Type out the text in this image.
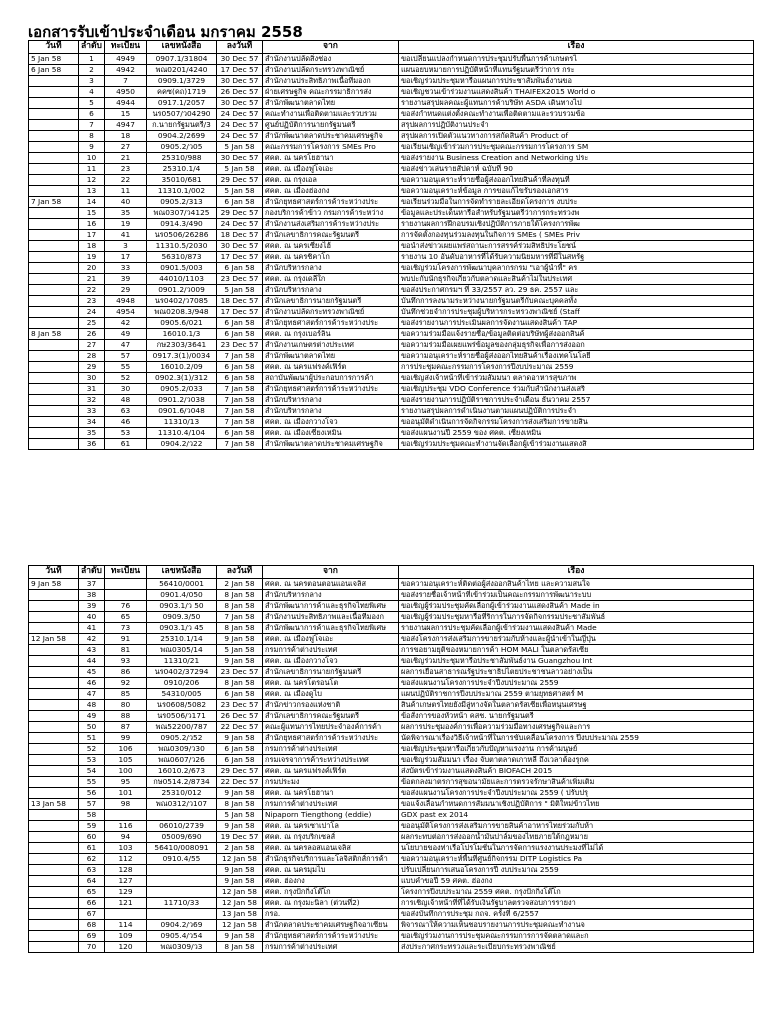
เอกสารรับเข้าประจำเดือน มกราคม 2558
วันที่	ลำดับ	ทะเบียน	เลขหนังสือ	ลงวันที่	จาก	เรื่อง
5 Jan 58	1	4949	0907.1/31804	30 Dec 57	สำนักงานปลัดสิ่งช่อง	ขอเปลี่ยนแปลงกำหนดการประชุมปรับพื้นการค้าเกษตรไ
6 Jan 58	2	4942	พณ0201/4240	17 Dec 57	สำนักงานปลัดกระทรวงพาณิชย์	แผนอยบหมายการปฏิบัติหน้าที่แทนรัฐมนตรีว่าการ กระ
	3	7	0909.1/3729	30 Dec 57	สำนักงานประสิทธิภาพเนื้อทีมองก	ขอเชิญร่วมประชุมหารือแผนการประชาสัมพันธ์งานขอ
	4	4950	คคซ(คถ)1719	26 Dec 57	ฝ่ายเศรษฐกิจ คณะกรรมาธิการส่ง	ขอเชิญชวนเข้าร่วมงานแสดงสินค้า THAIFEX2015 World o
	5	4944	0917.1/2057	30 Dec 57	สำนักพัฒนาตลาดไทย	รายงานสรุปผลคณะผู้แทนการค้าบริษัท ASDA เดินทางไป
	6	15	นร0507/ว04290	24 Dec 57	คณะทำงานเพื่อติดตามและรวบรวม	ขอส่งกำหนดแต่งตั้งคณะทำงานเพื่อติดตามและรวบรวมข้อ
	7	4947	ก.นายกรัฐมนตรี/3	24 Dec 57	ศูนย์ปฏิบัติการนายกรัฐมนตรี	สรุปผลการปฏิบัติงานประจำ
	8	18	0904.2/2699	24 Dec 57	สำนักพัฒนาตลาดประชาคมเศรษฐกิจ	สรุปผลการเปิดตัวแนวทางการสกัดสินค้า Product of
	9	27	0905.2/ว05	5 Jan 58	คณะกรรมการโครงการ SMEs Pro	ขอเรียนเชิญเข้าร่วมการประชุมคณะกรรมการโครงการ SM
	10	21	25310/988	30 Dec 57	ศคต. ณ นครโยฮานา	ขอส่งรายงาน Business Creation and Networking ประ
	11	23	25310.1/4	5 Jan 58	ศคต. ณ เมืองฟูโจเอะ	ขอส่งข่าวเล่นรายสัปดาห์ ฉบับที่ 90
	12	22	35010/681	29 Dec 57	ศคต. ณ กรุงเอล	ขอความอนุเคราะห์รายชื่อผู้ส่งออกไทยสินค้าที่ลงทุนที่
	13	11	11310.1/002	5 Jan 58	ศคต. ณ เมืองฮ่องกง	ขอความอนุเคราะห์ข้อมูล การขอแก้ไขรับรองเอกสาร
7 Jan 58	14	40	0905.2/313	6 Jan 58	สำนักยุทธศาสตร์การค้าระหว่างประ	ขอเรียนร่วมมือในการจัดทำรายละเอียดโครงการ งบประ
	15	35	พณ0307/ว4125	29 Dec 57	กองบริการค้าข้าว กรมการค้าระหว่าง	ข้อมูลและประเด็นหารือสำหรับรัฐมนตรีว่าการกระทรวงพ
	16	19	0914.3/490	24 Dec 57	สำนักงานส่งเสริมการค้าระหว่างประ	รายงานผลการฝึกอบรมเชิงปฏิบัติการภายใต้โครงการพัฒ
	17	41	นร0506/26286	18 Dec 57	สำนักเลขาธิการคณะรัฐมนตรี	การจัดตั้งกองทุนร่วมลงทุนในกิจการ SMEs ( SMEs Priv
	18	3	11310.5/2030	30 Dec 57	ศคต. ณ นครเซี่ยงไฮ้	ขอนำส่งข่าวเผยแพร่สถานะการสรรค์ร่วมสิทธิประโยชน์
	19	17	56310/873	17 Dec 57	ศคต. ณ นครชิคาโก	รายงาน 10 อันดับอาหารที่ได้รับความนิยมหารที่มีในสหรัฐ
	20	33	0901.5/003	6 Jan 58	สำนักบริหารกลาง	ขอเชิญร่วมโครงการพัฒนาบุคลากรกรม "เอาผู้นำพื้" คร
	21	39	44010/1103	23 Dec 57	ศคต. ณ กรุงเดลีใก	พบปะกับนักธุรกิจเกี่ยวกับตลาดและสินค้าไม่ในประเทศ
	22	29	0901.2/ว009	5 Jan 58	สำนักบริหารกลาง	ขอส่งประกาศกรมฯ ที่ 33/2557 ลว. 29 ธค. 2557 และ
	23	4948	นร0402/ว7085	18 Dec 57	สำนักเลขาธิการนายกรัฐมนตรี	บันทึกการลงนามระหว่างนายกรัฐมนตรีกับคณะบุคคลทั้ง
	24	4954	พณ0208.3/948	17 Dec 57	สำนักงานปลัดกระทรวงพาณิชย์	บันทึกช่วยจำการประชุมผู้บริหารกระทรวงพาณิชย์ (Staff
	25	42	0905.6/021	6 Jan 58	สำนักยุทธศาสตร์การค้าระหว่างประ	ขอส่งรายงานการประเมินผลการจัดงานแสดงสินค้า TAP
8 Jan 58	26	49	16010.1/3	6 Jan 58	ศคต. ณ กรุงเบอร์ลิน	ขอความร่วมมือแจ้งรายชื่อ/ข้อมูลติดต่อบริษัทผู้ส่งออกสินค้
	27	47	กษ2303/3641	23 Dec 57	สำนักงานเกษตรต่างประเทศ	ขอความร่วมมือเผยแพร่ข้อมูลของกลุ่มธุรกิจเพื่อการส่งออก
	28	57	0917.3(1)/0034	7 Jan 58	สำนักพัฒนาตลาดไทย	ขอความอนุเคราะห์รายชื่อผู้ส่งออกไทยสินค้าเรื่องเทคโนโลยี
	29	55	16010.2/09	6 Jan 58	ศคต. ณ นครแฟรงค์เฟิร์ต	การประชุมคณะกรรมการโครงการปีงบประมาณ 2559
	30	52	0902.3(1)/312	6 Jan 58	สถาบันพัฒนาผู้ประกอบการการค้า	ขอเชิญส่งเจ้าหน้าที่เข้าร่วมสัมมนา ตลาดอาหารสุขภาพ
	31	30	0905.2/033	7 Jan 58	สำนักยุทธศาสตร์การค้าระหว่างประ	ขอเชิญประชุม VDO Conference ร่วมกับสำนักงานส่งเสริ
	32	48	0901.2/ว038	7 Jan 58	สำนักบริหารกลาง	ขอส่งรายงานการปฏิบัติราชการประจำเดือน ธันวาคม 2557
	33	63	0901.6/ว048	7 Jan 58	สำนักบริหารกลาง	รายงานสรุปผลการดำเนินงานตามแผนปฏิบัติการประจำ
	34	46	11310/13	7 Jan 58	ศคต. ณ เมืองกวางโจว	ขออนุมัติดำเนินการจัดกิจกรรมโครงการส่งเสริมการขายสิน
	35	53	11310.4/104	6 Jan 58	ศคต. ณ เมืองเซี่ยงเหมิน	ขอส่งแผนงานปี 2559 ของ ศคต. เซี่ยงเหมิน
	36	61	0904.2/ว22	7 Jan 58	สำนักพัฒนาตลาดประชาคมเศรษฐกิจ	ขอเชิญร่วมประชุมคณะทำงานจัดเลือกผู้เข้าร่วมงานแสดงสิ
วันที่	ลำดับ	ทะเบียน	เลขหนังสือ	ลงวันที่	จาก	เรื่อง
9 Jan 58	37		56410/0001	2 Jan 58	ศคต. ณ นครตอนตอนแอนเจลิส	ขอความอนุเคราะห์ติดต่อผู้ส่งออกสินค้าไทย และความสนใจ
	38		0901.4/050	8 Jan 58	สำนักบริหารกลาง	ขอส่งรายชื่อเจ้าหน้าที่เข้าร่วมเป็นคณะกรรมการพัฒนาระบบ
	39	76	0903.1/ว 50	8 Jan 58	สำนักพัฒนาการค้าและธุรกิจไทยพิเศษ	ขอเชิญผู้ร่วมประชุมคัดเลือกผู้เข้าร่วมงานแสดงสินค้า Made in
	40	65	0909.3/50	7 Jan 58	สำนักงานประสิทธิภาพและเนื้อทีมองก	ขอเชิญผู้ร่วมประชุมหารือที่ริการในการจัดกิจกรรมประชาสัมพันธ์
	41	73	0903.1/ว 45	8 Jan 58	สำนักพัฒนาการค้าและธุรกิจไทยพิเศษ	รายงานผลการประชุมคัดเลือกผู้เข้าร่วมงานแสดงสินค้า Made
12 Jan 58	42	91	25310.1/14	9 Jan 58	ศคต. ณ เมืองฟูโจเอะ	ขอส่งโครงการส่งเสริมการขายร่วมกับห้างและผู้นำเข้าในญี่ปุ่น
	43	81	พณ0305/14	5 Jan 58	กรมการค้าต่างประเทศ	การขอยามยุติของหมายการค้า HOM MALI ในตลาดรัสเซีย
	44	93	11310/21	9 Jan 58	ศคต. ณ เมืองกวางโจว	ขอเชิญร่วมประชุมหารือประชาสัมพันธ์งาน Guangzhou Int
	45	86	นร0402/37294	23 Dec 57	สำนักเลขาธิการนายกรัฐมนตรี	ผลการเยือนสาธารณรัฐประชาธิปไตยประชาชนลาวอย่างเป็น
	46	92	0910/206	8 Jan 58	ศคต. ณ นครโตรอนโต	ขอส่งแผนงานโครงการประจำปีงบประมาณ 2559
	47	85	54310/005	6 Jan 58	ศคต. ณ เมืองดูไบ	แผนปฏิบัติราชการปีงบประมาณ 2559 ตามยุทธศาสตร์ M
	48	80	นร0608/5082	23 Dec 57	สำนักข่าวกรองแห่งชาติ	สินค้าเกษตรไทยยังมีลู่ทางจัดในตลาดรัสเซียเพื่อหนุนเศรษฐ
	49	88	นร0506/ว171	26 Dec 57	สำนักเลขาธิการคณะรัฐมนตรี	ข้อสั่งการของหัวหน้า คสช. นายกรัฐมนตรี
	50	87	พณ52200/787	22 Dec 57	คณะผู้แทนการไทยประจำองค์การค้า	ผลการประชุมองค์การเพื่อความร่วมมือทางเศรษฐกิจและการ
	51	99	0905.2/ว52	9 Jan 58	สำนักยุทธศาสตร์การค้าระหว่างประ	นัดพิจารณาเรื่องวิธีเจ้าหน้าที่ในการขับเคลื่อนโครงการ ปีงบประมาณ 2559
	52	106	พณ0309/ว30	6 Jan 58	กรมการค้าต่างประเทศ	ขอเชิญประชุมหารือเกี่ยวกับปัญหาแรงงาน การค้ามนุษย์
	53	105	พณ0607/ว26	6 Jan 58	กรมเจรจาการค้าระหว่างประเทศ	ขอเชิญร่วมสัมมนา เรื่อง จับตาตลาดเกาหลี ถึงเวลาต้องรุกค
	54	100	16010.2/673	29 Dec 57	ศคต. ณ นครแฟรงค์เฟิร์ต	ส่งบัตรเข้าร่วมงานแสดงสินค้า BIOFACH 2015
	55	95	กษ0514.2/8734	22 Dec 57	กรมประมง	ข้อตกลงมาตรการสุขอนามัยและการตรวจรักษาสินค้าเพิ่มเติม
	56	101	25310/012	9 Jan 58	ศคต. ณ นครโยฮานา	ขอส่งแผนงานโครงการประจำปีงบประมาณ 2559 ( ปรับปรุ
13 Jan 58	57	98	พณ0312/ว107	8 Jan 58	กรมการค้าต่างประเทศ	ขอแจ้งเลื่อนกำหนดการสัมมนาเชิงปฏิบัติการ " มิติใหม่ข้าวไทย
	58			5 Jan 58	Nipaporn Tiengthong (eddie)	GDX past ex 2014
	59	116	06010/2739	9 Jan 58	ศคต. ณ นครเซาเปาโล	ขออนุมัติโครงการส่งเสริมการขายสินค้าอาหารไทยร่วมกับห้า
	60	94	05009/690	19 Dec 57	ศคต. ณ กรุงบริกเซลส์	ผลกระทบต่อการส่งออกน้ำมันปาล์มของไทยภายใต้กฎหมาย
	61	103	56410/008091	2 Jan 58	ศคต. ณ นครลอสแอนเจลิส	นโยบายของท่าเรือโปรโมชั่นในการจัดการแรงงานประมงที่ไม่ได้
	62	112	0910.4/55	12 Jan 58	สำนักธุรกิจบริการและโลจิสติกส์การค้า	ขอความอนุเคราะห์พื้นที่ศูนย์กิจกรรม DITP Logistics Pa
	63	128		9 Jan 58	ศคต. ณ นครมุมไบ	ปรับเปลี่ยนการเสนอโครงการปี งบประมาณ 2559
	64	127		9 Jan 58	ศคต. ฮ่องกง	แบบคำขอปี 59 ศคต. ฮ่องกง
	65	129		12 Jan 58	ศคต. กรุงปักกิ่งโต๊โก	โครงการปีงบประมาณ 2559 ศคต. กรุงปักกิ่งโต๊โก
	66	121	11710/33	12 Jan 58	ศคต. ณ กรุงมะนิลา (ต่วนที่2)	การเชิญเจ้าหน้าที่ที่ได้รับเงินรัฐบาลตรวจสอบการรายงา
	67			13 Jan 58	กรอ.	ขอส่งบันทึกการประชุม กถจ. ครั้งที่ 6/2557
	68	114	0904.2/ว69	12 Jan 58	สำนักตลาดประชาคมเศรษฐกิจอาเซียน	พิจารณาให้ความเห็นชอบรายงานการประชุมคณะทำงานจ
	69	109	0905.4/ว54	9 Jan 58	สำนักยุทธศาสตร์การค้าระหว่างประ	ขอเชิญร่วมงานการประชุมคณะกรรมการการจัดตลาดและก
	70	120	พณ0309/ว3	8 Jan 58	กรมการค้าต่างประเทศ	ส่งประกาศกระทรวงและระเบียบกระทรวงพาณิชย์
